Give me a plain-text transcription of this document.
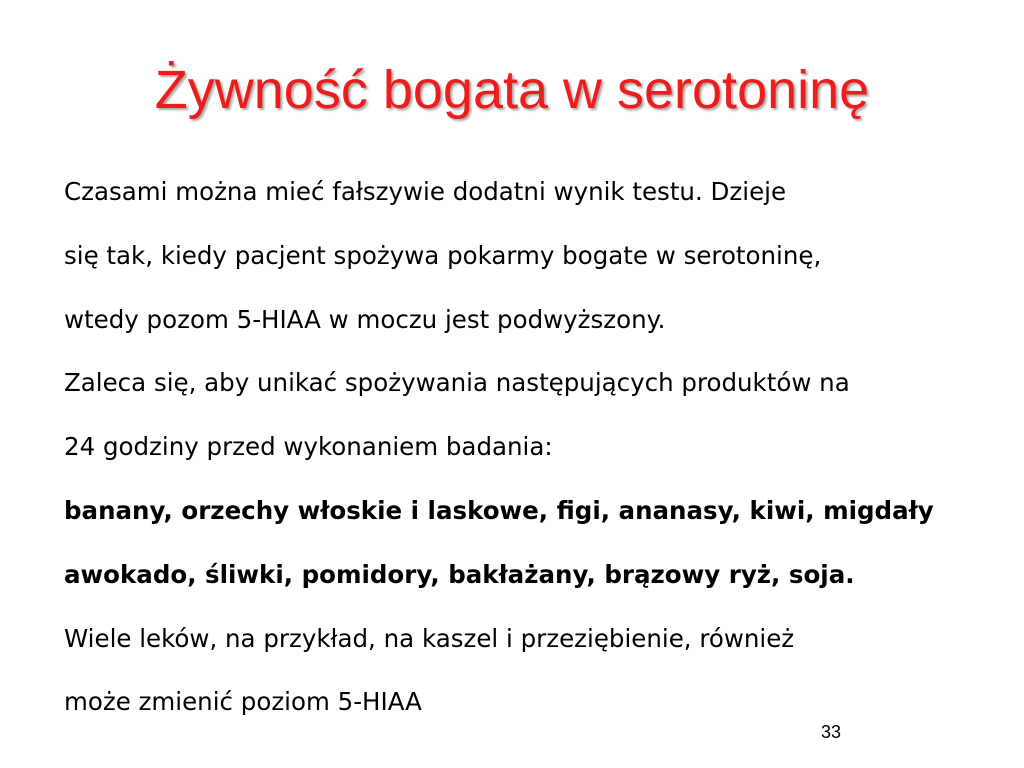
Żywność bogata w serotoninę
Czasami można mieć fałszywie dodatni wynik testu. Dzieje
się tak, kiedy pacjent spożywa pokarmy bogate w serotoninę,
wtedy pozom 5-HIAA w moczu jest podwyższony.
Zaleca się, aby unikać spożywania następujących produktów na
24 godziny przed wykonaniem badania:
banany, orzechy włoskie i laskowe, figi, ananasy, kiwi, migdały
awokado, śliwki, pomidory, bakłażany, brązowy ryż, soja.
Wiele leków, na przykład, na kaszel i przeziębienie, również
może zmienić poziom 5-HIAA
33
